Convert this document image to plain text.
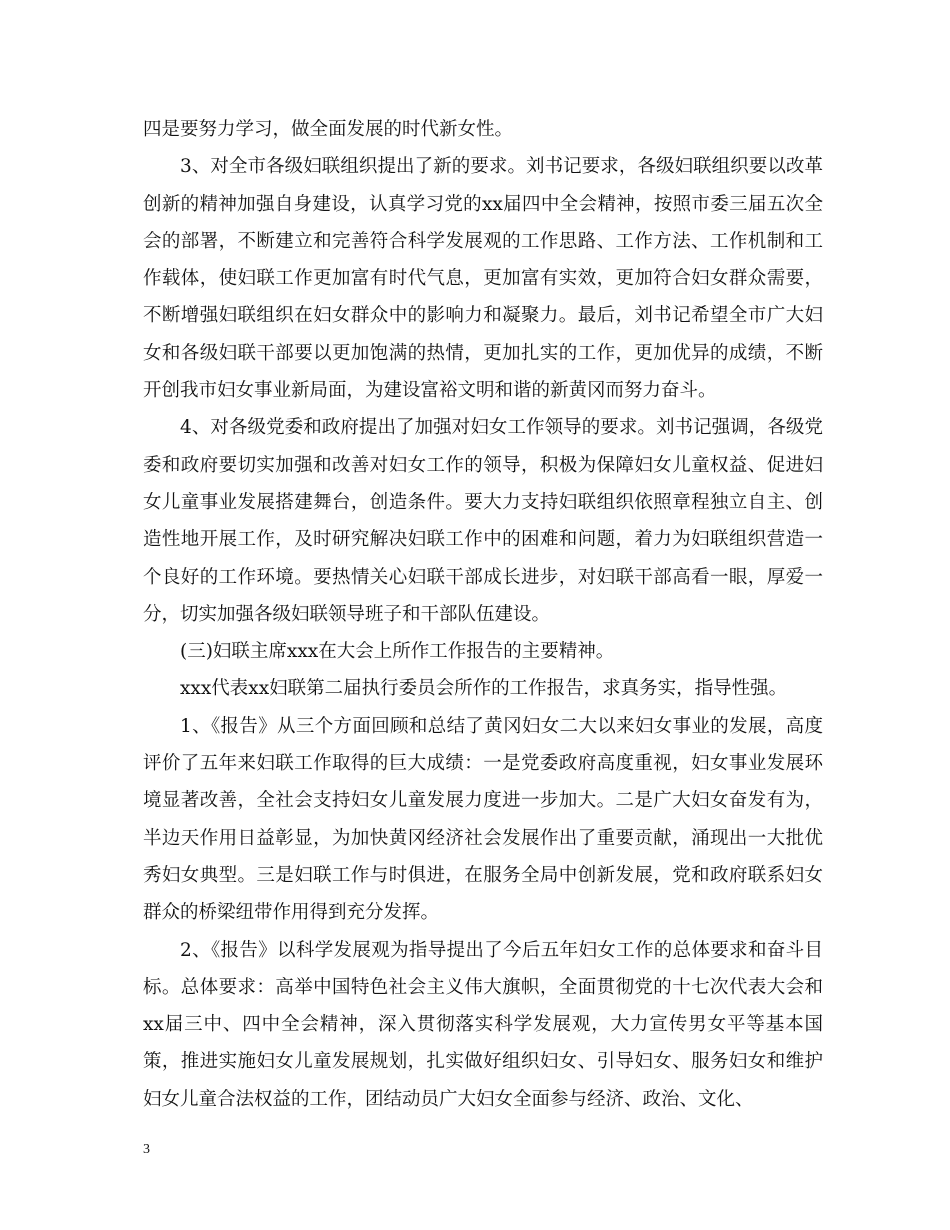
四是要努力学习，做全面发展的时代新女性。

3、对全市各级妇联组织提出了新的要求。刘书记要求，各级妇联组织要以改革创新的精神加强自身建设，认真学习党的xx届四中全会精神，按照市委三届五次全会的部署，不断建立和完善符合科学发展观的工作思路、工作方法、工作机制和工作载体，使妇联工作更加富有时代气息，更加富有实效，更加符合妇女群众需要，不断增强妇联组织在妇女群众中的影响力和凝聚力。最后，刘书记希望全市广大妇女和各级妇联干部要以更加饱满的热情，更加扎实的工作，更加优异的成绩，不断开创我市妇女事业新局面，为建设富裕文明和谐的新黄冈而努力奋斗。

4、对各级党委和政府提出了加强对妇女工作领导的要求。刘书记强调，各级党委和政府要切实加强和改善对妇女工作的领导，积极为保障妇女儿童权益、促进妇女儿童事业发展搭建舞台，创造条件。要大力支持妇联组织依照章程独立自主、创造性地开展工作，及时研究解决妇联工作中的困难和问题，着力为妇联组织营造一个良好的工作环境。要热情关心妇联干部成长进步，对妇联干部高看一眼，厚爱一分，切实加强各级妇联领导班子和干部队伍建设。

(三)妇联主席xxx在大会上所作工作报告的主要精神。

xxx代表xx妇联第二届执行委员会所作的工作报告，求真务实，指导性强。

1、《报告》从三个方面回顾和总结了黄冈妇女二大以来妇女事业的发展，高度评价了五年来妇联工作取得的巨大成绩：一是党委政府高度重视，妇女事业发展环境显著改善，全社会支持妇女儿童发展力度进一步加大。二是广大妇女奋发有为，半边天作用日益彰显，为加快黄冈经济社会发展作出了重要贡献，涌现出一大批优秀妇女典型。三是妇联工作与时俱进，在服务全局中创新发展，党和政府联系妇女群众的桥梁纽带作用得到充分发挥。

2、《报告》以科学发展观为指导提出了今后五年妇女工作的总体要求和奋斗目标。总体要求：高举中国特色社会主义伟大旗帜，全面贯彻党的十七次代表大会和xx届三中、四中全会精神，深入贯彻落实科学发展观，大力宣传男女平等基本国策，推进实施妇女儿童发展规划，扎实做好组织妇女、引导妇女、服务妇女和维护妇女儿童合法权益的工作，团结动员广大妇女全面参与经济、政治、文化、

3
